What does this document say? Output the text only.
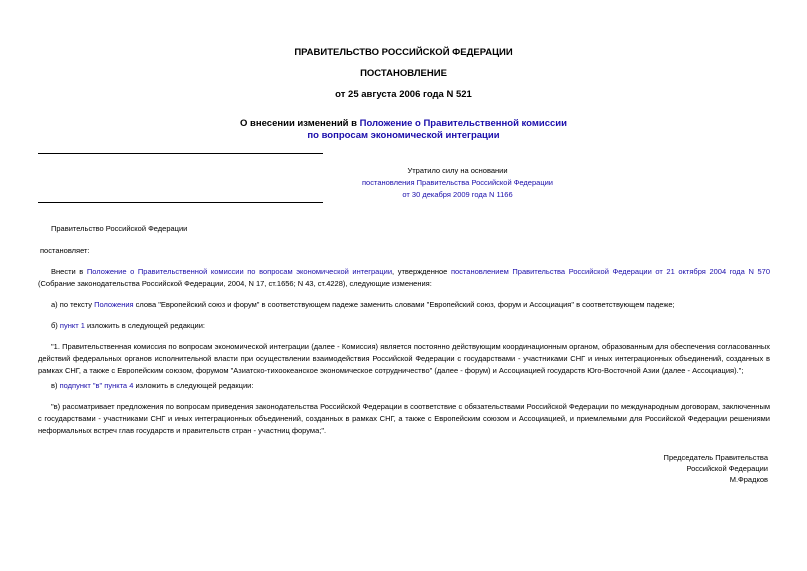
ПРАВИТЕЛЬСТВО РОССИЙСКОЙ ФЕДЕРАЦИИ
ПОСТАНОВЛЕНИЕ
от 25 августа 2006 года N 521
О внесении изменений в Положение о Правительственной комиссии
по вопросам экономической интеграции
Утратило силу на основании
постановления Правительства Российской Федерации
от 30 декабря 2009 года N 1166
Правительство Российской Федерации
постановляет:
Внести в Положение о Правительственной комиссии по вопросам экономической интеграции, утвержденное постановлением Правительства Российской Федерации от 21 октября 2004 года N 570 (Собрание законодательства Российской Федерации, 2004, N 17, ст.1656; N 43, ст.4228), следующие изменения:
а) по тексту Положения слова "Европейский союз и форум" в соответствующем падеже заменить словами "Европейский союз, форум и Ассоциация" в соответствующем падеже;
б) пункт 1 изложить в следующей редакции:
"1. Правительственная комиссия по вопросам экономической интеграции (далее - Комиссия) является постоянно действующим координационным органом, образованным для обеспечения согласованных действий федеральных органов исполнительной власти при осуществлении взаимодействия Российской Федерации с государствами - участниками СНГ и иных интеграционных объединений, созданных в рамках СНГ, а также с Европейским союзом, форумом "Азиатско-тихоокеанское экономическое сотрудничество" (далее - форум) и Ассоциацией государств Юго-Восточной Азии (далее - Ассоциация).";
в) подпункт "в" пункта 4 изложить в следующей редакции:
"в) рассматривает предложения по вопросам приведения законодательства Российской Федерации в соответствие с обязательствами Российской Федерации по международным договорам, заключенным с государствами - участниками СНГ и иных интеграционных объединений, созданных в рамках СНГ, а также с Европейским союзом и Ассоциацией, и приемлемыми для Российской Федерации решениями неформальных встреч глав государств и правительств стран - участниц форума;".
Председатель Правительства
Российской Федерации
М.Фрадков
